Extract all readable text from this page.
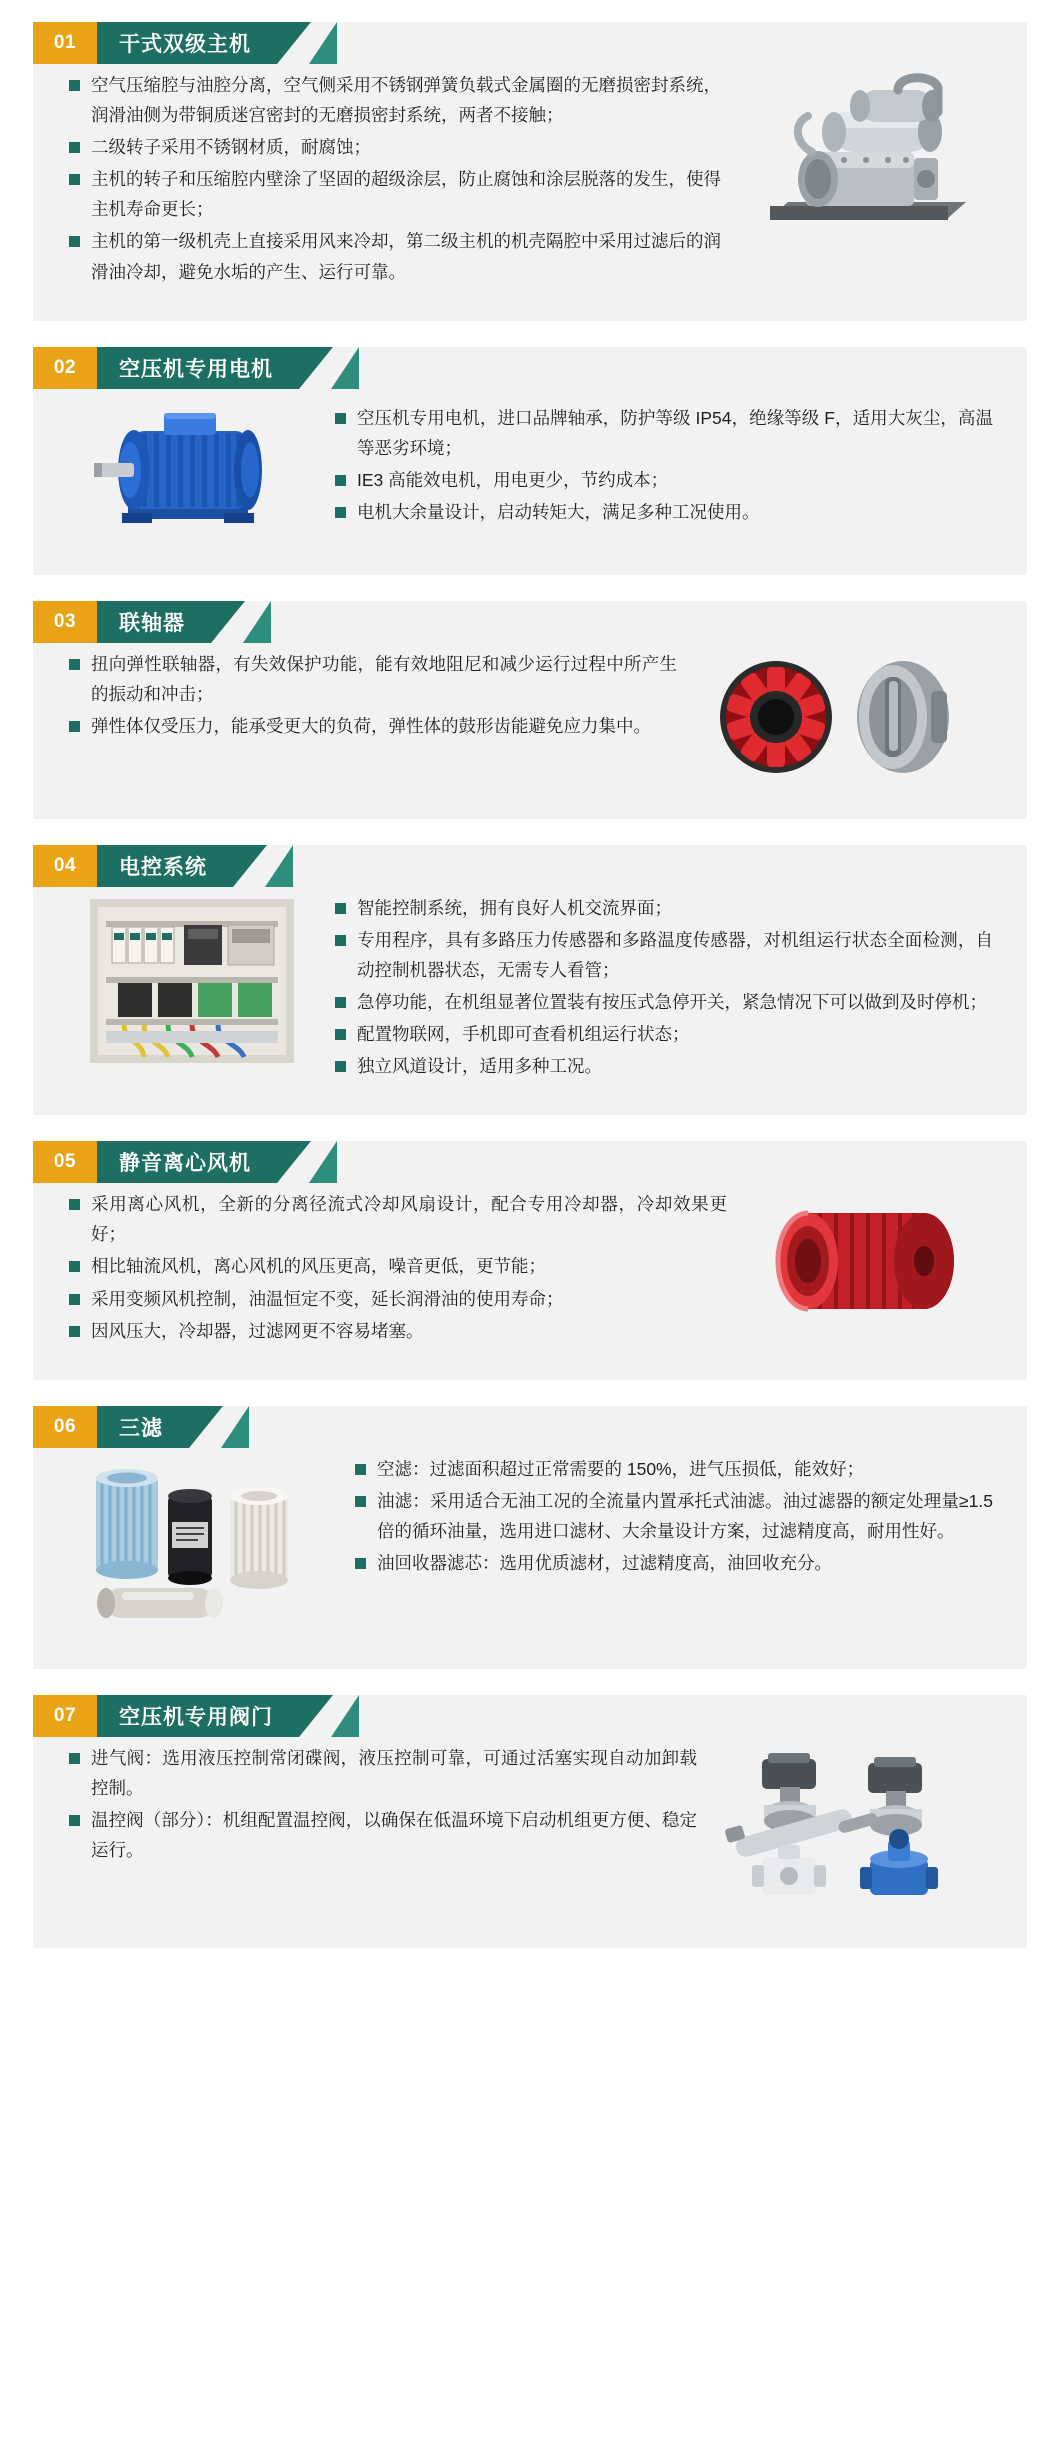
01	干式双级主机
空气压缩腔与油腔分离，空气侧采用不锈钢弹簧负载式金属圈的无磨损密封系统，润滑油侧为带铜质迷宫密封的无磨损密封系统，两者不接触；
二级转子采用不锈钢材质，耐腐蚀；
主机的转子和压缩腔内壁涂了坚固的超级涂层，防止腐蚀和涂层脱落的发生，使得主机寿命更长；
主机的第一级机壳上直接采用风来冷却，第二级主机的机壳隔腔中采用过滤后的润滑油冷却，避免水垢的产生、运行可靠。
02	空压机专用电机
空压机专用电机，进口品牌轴承，防护等级 IP54，绝缘等级 F，适用大灰尘，高温等恶劣环境；
IE3 高能效电机，用电更少，节约成本；
电机大余量设计，启动转矩大，满足多种工况使用。
03	联轴器
扭向弹性联轴器，有失效保护功能，能有效地阻尼和减少运行过程中所产生的振动和冲击；
弹性体仅受压力，能承受更大的负荷，弹性体的鼓形齿能避免应力集中。
04	电控系统
智能控制系统，拥有良好人机交流界面；
专用程序，具有多路压力传感器和多路温度传感器，对机组运行状态全面检测，自动控制机器状态，无需专人看管；
急停功能，在机组显著位置装有按压式急停开关，紧急情况下可以做到及时停机；
配置物联网，手机即可查看机组运行状态；
独立风道设计，适用多种工况。
05	静音离心风机
采用离心风机，全新的分离径流式冷却风扇设计，配合专用冷却器，冷却效果更好；
相比轴流风机，离心风机的风压更高，噪音更低，更节能；
采用变频风机控制，油温恒定不变，延长润滑油的使用寿命；
因风压大，冷却器，过滤网更不容易堵塞。
06	三滤
空滤：过滤面积超过正常需要的 150%，进气压损低，能效好；
油滤：采用适合无油工况的全流量内置承托式油滤。油过滤器的额定处理量≥1.5 倍的循环油量，选用进口滤材、大余量设计方案，过滤精度高，耐用性好。
油回收器滤芯：选用优质滤材，过滤精度高，油回收充分。
07	空压机专用阀门
进气阀：选用液压控制常闭碟阀，液压控制可靠，可通过活塞实现自动加卸载控制。
温控阀（部分）：机组配置温控阀，以确保在低温环境下启动机组更方便、稳定运行。
